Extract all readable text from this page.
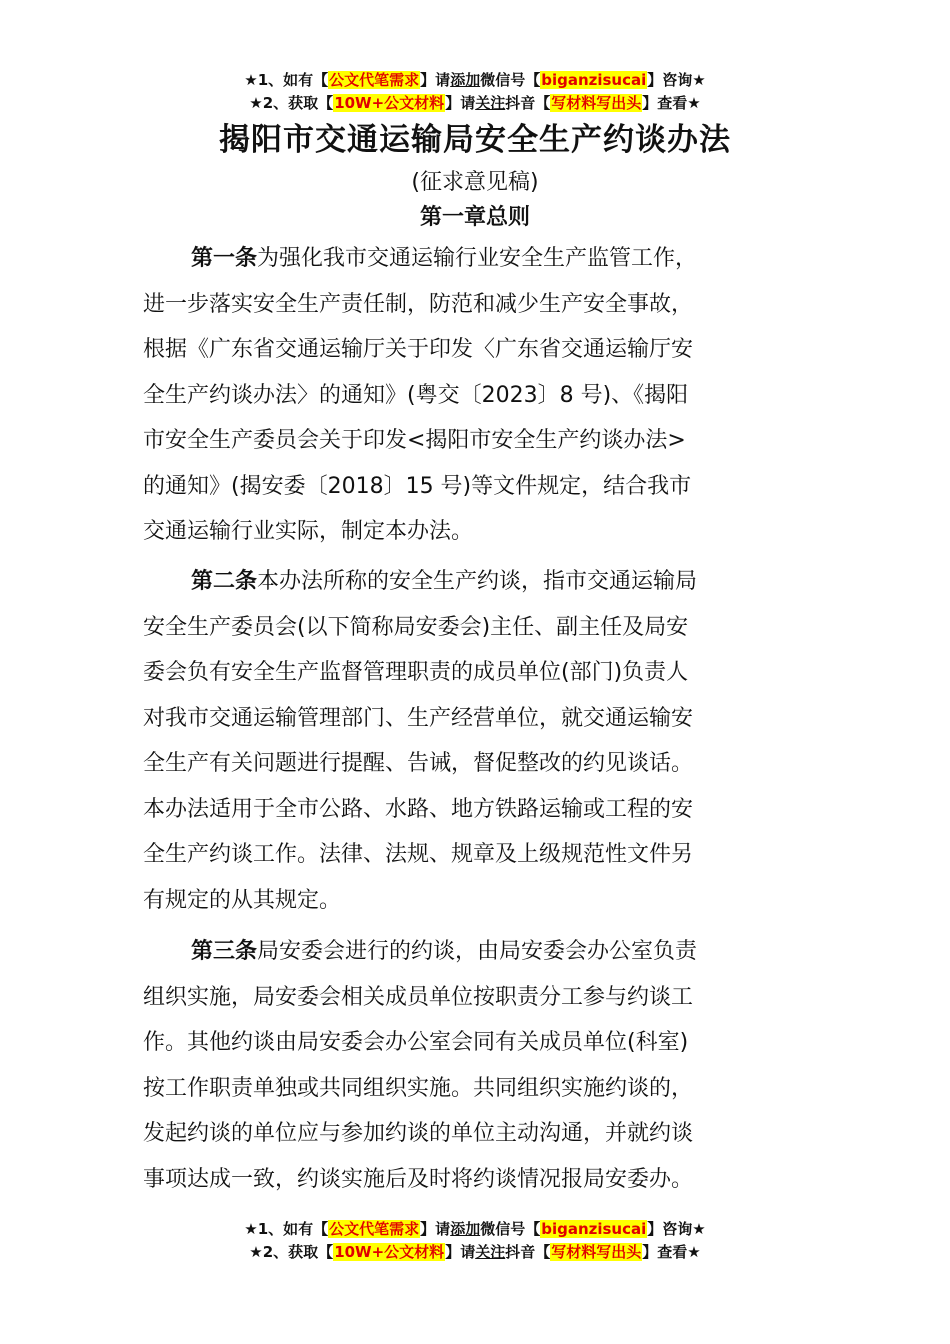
★1、如有【公文代笔需求】请添加微信号【biganzisucai】咨询★
★2、获取【10W+公文材料】请关注抖音【写材料写出头】查看★
揭阳市交通运输局安全生产约谈办法
(征求意见稿)
第一章总则
第一条为强化我市交通运输行业安全生产监管工作，
进一步落实安全生产责任制，防范和减少生产安全事故，
根据《广东省交通运输厅关于印发〈广东省交通运输厅安
全生产约谈办法〉的通知》(粤交〔2023〕8 号)、《揭阳
市安全生产委员会关于印发<揭阳市安全生产约谈办法>
的通知》(揭安委〔2018〕15 号)等文件规定，结合我市
交通运输行业实际，制定本办法。
第二条本办法所称的安全生产约谈，指市交通运输局
安全生产委员会(以下简称局安委会)主任、副主任及局安
委会负有安全生产监督管理职责的成员单位(部门)负责人
对我市交通运输管理部门、生产经营单位，就交通运输安
全生产有关问题进行提醒、告诫，督促整改的约见谈话。
本办法适用于全市公路、水路、地方铁路运输或工程的安
全生产约谈工作。法律、法规、规章及上级规范性文件另
有规定的从其规定。
第三条局安委会进行的约谈，由局安委会办公室负责
组织实施，局安委会相关成员单位按职责分工参与约谈工
作。其他约谈由局安委会办公室会同有关成员单位(科室)
按工作职责单独或共同组织实施。共同组织实施约谈的，
发起约谈的单位应与参加约谈的单位主动沟通，并就约谈
事项达成一致，约谈实施后及时将约谈情况报局安委办。
★1、如有【公文代笔需求】请添加微信号【biganzisucai】咨询★
★2、获取【10W+公文材料】请关注抖音【写材料写出头】查看★
